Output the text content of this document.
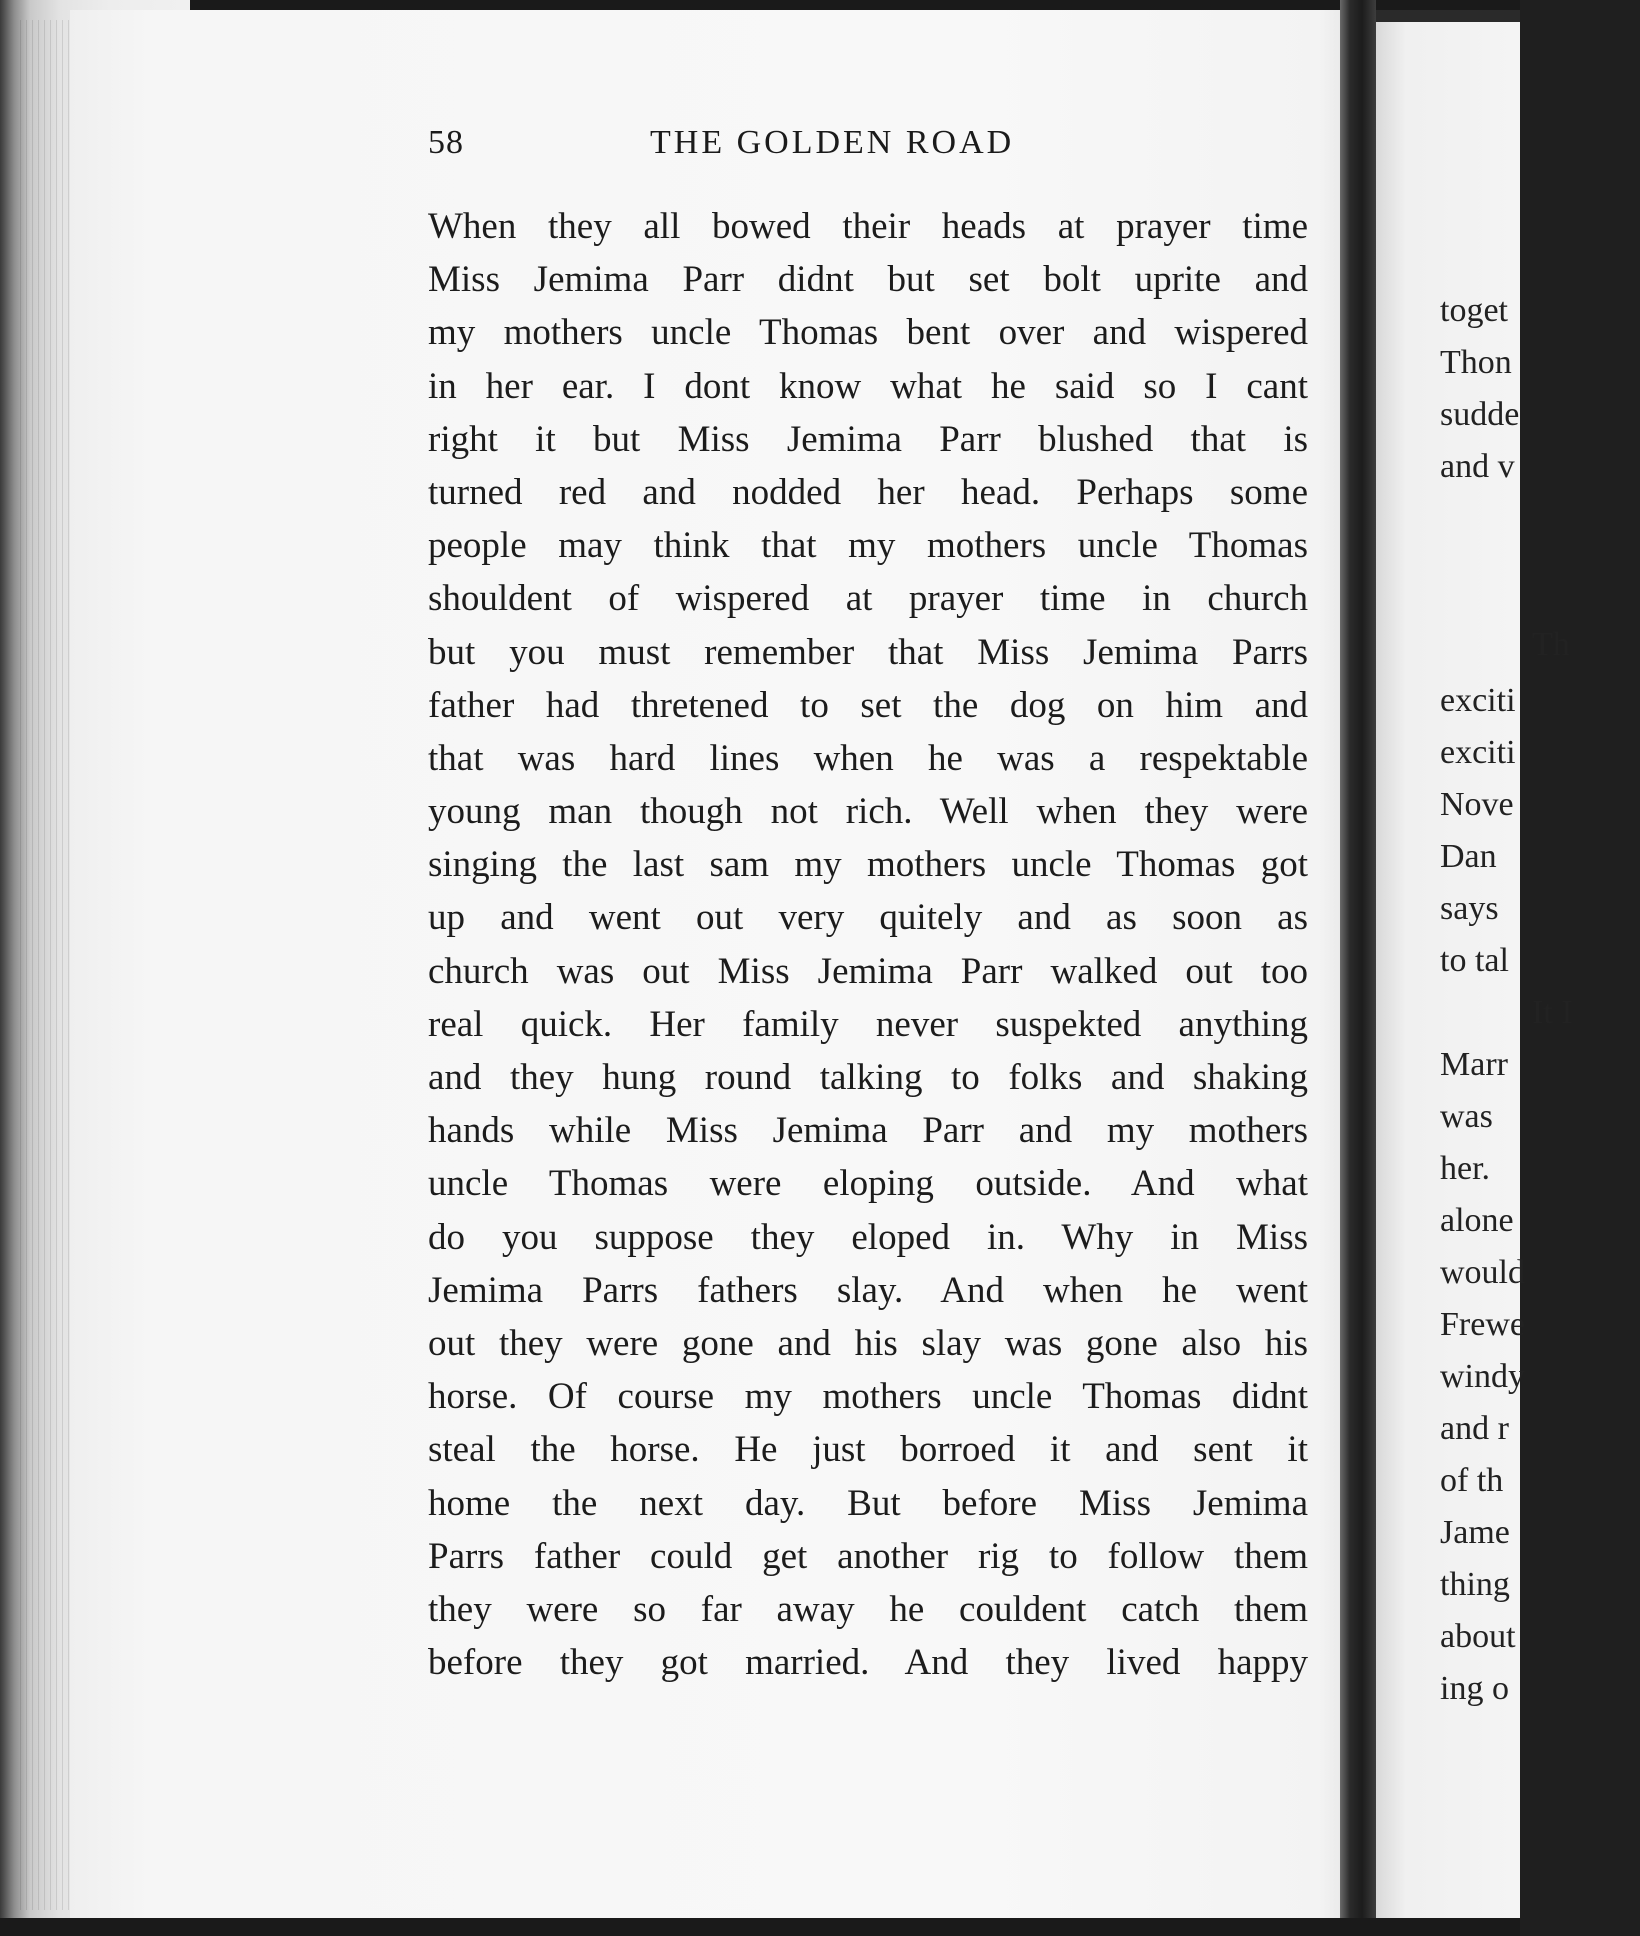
58	THE GOLDEN ROAD
When they all bowed their heads at prayer time
Miss Jemima Parr didnt but set bolt uprite and
my mothers uncle Thomas bent over and wispered
in her ear. I dont know what he said so I cant
right it but Miss Jemima Parr blushed that is
turned red and nodded her head. Perhaps some
people may think that my mothers uncle Thomas
shouldent of wispered at prayer time in church
but you must remember that Miss Jemima Parrs
father had thretened to set the dog on him and
that was hard lines when he was a respektable
young man though not rich. Well when they were
singing the last sam my mothers uncle Thomas got
up and went out very quitely and as soon as
church was out Miss Jemima Parr walked out too
real quick. Her family never suspekted anything
and they hung round talking to folks and shaking
hands while Miss Jemima Parr and my mothers
uncle Thomas were eloping outside. And what
do you suppose they eloped in. Why in Miss
Jemima Parrs fathers slay. And when he went
out they were gone and his slay was gone also his
horse. Of course my mothers uncle Thomas didnt
steal the horse. He just borroed it and sent it
home the next day. But before Miss Jemima
Parrs father could get another rig to follow them
they were so far away he couldent catch them
before they got married. And they lived happy
toget
Thon
sudde
and v
Th
exciti
exciti
Nove
Dan
says
to tal
It I
Marr
was
her.
alone
would
Frewe
windy
and r
of th
Jame
thing
about
ing o
